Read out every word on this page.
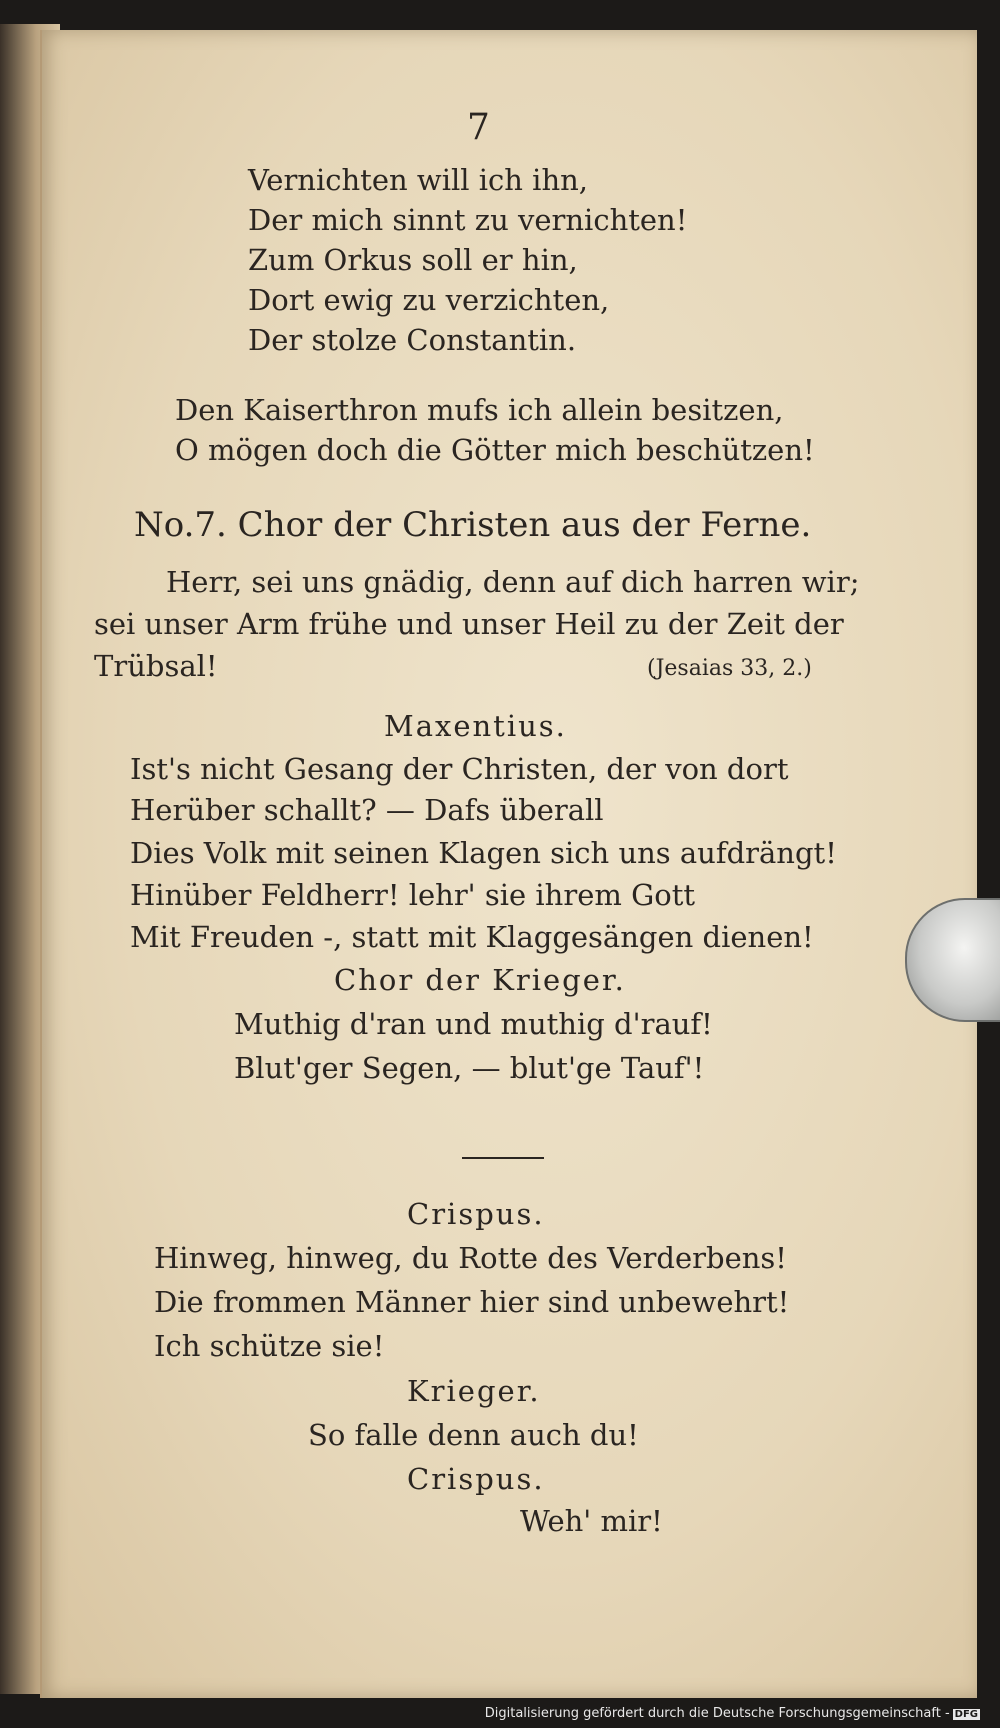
7
Vernichten will ich ihn,
Der mich sinnt zu vernichten!
Zum Orkus soll er hin,
Dort ewig zu verzichten,
Der stolze Constantin.
Den Kaiserthron mufs ich allein besitzen,
O mögen doch die Götter mich beschützen!
No.7. Chor der Christen aus der Ferne.
Herr, sei uns gnädig, denn auf dich harren wir;
sei unser Arm frühe und unser Heil zu der Zeit der
Trübsal!	(Jesaias 33, 2.)
Maxentius.
Ist's nicht Gesang der Christen, der von dort
Herüber schallt? — Dafs überall
Dies Volk mit seinen Klagen sich uns aufdrängt!
Hinüber Feldherr! lehr' sie ihrem Gott
Mit Freuden -, statt mit Klaggesängen dienen!
Chor der Krieger.
Muthig d'ran und muthig d'rauf!
Blut'ger Segen, — blut'ge Tauf'!
Crispus.
Hinweg, hinweg, du Rotte des Verderbens!
Die frommen Männer hier sind unbewehrt!
Ich schütze sie!
Krieger.
So falle denn auch du!
Crispus.
Weh' mir!
Digitalisierung gefördert durch die Deutsche Forschungsgemeinschaft - DFG
